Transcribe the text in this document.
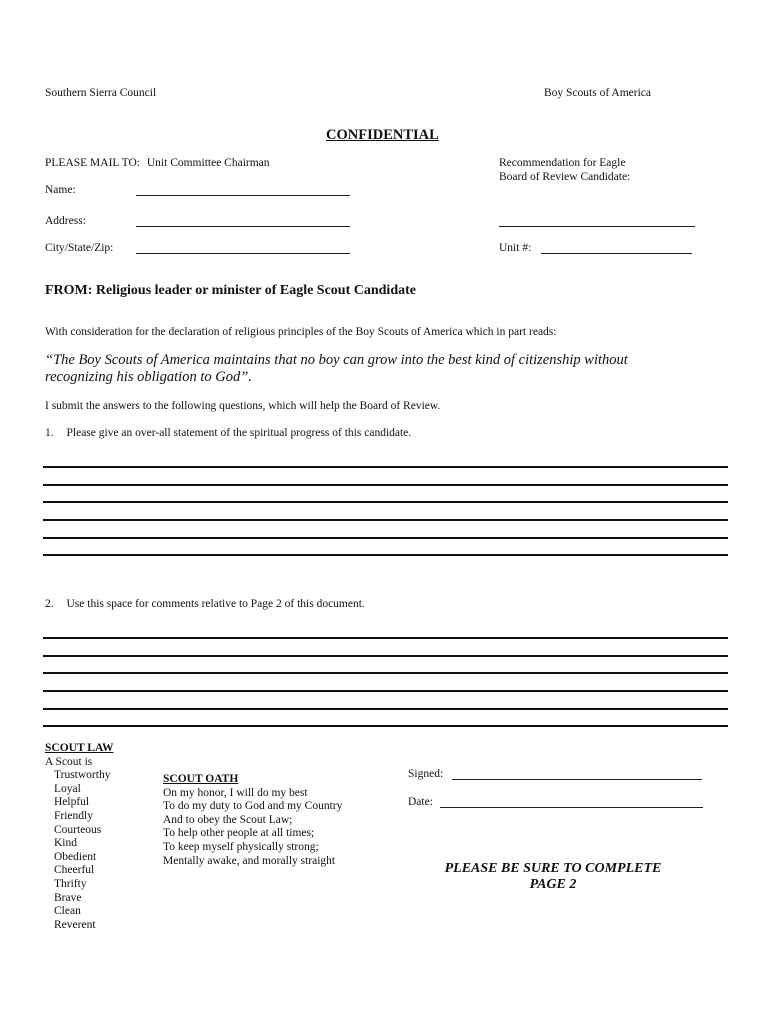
Southern Sierra Council	Boy Scouts of America
CONFIDENTIAL
PLEASE MAIL TO: Unit Committee Chairman
Name:
Address:
City/State/Zip:
Recommendation for Eagle
Board of Review Candidate:
Unit #:
FROM: Religious leader or minister of Eagle Scout Candidate
With consideration for the declaration of religious principles of the Boy Scouts of America which in part reads:
“The Boy Scouts of America maintains that no boy can grow into the best kind of citizenship without
recognizing his obligation to God”.
I submit the answers to the following questions, which will help the Board of Review.
1. Please give an over-all statement of the spiritual progress of this candidate.
2. Use this space for comments relative to Page 2 of this document.
SCOUT LAW
A Scout is
Trustworthy
Loyal
Helpful
Friendly
Courteous
Kind
Obedient
Cheerful
Thrifty
Brave
Clean
Reverent
SCOUT OATH
On my honor, I will do my best
To do my duty to God and my Country
And to obey the Scout Law;
To help other people at all times;
To keep myself physically strong;
Mentally awake, and morally straight
Signed:
Date:
PLEASE BE SURE TO COMPLETE
PAGE 2
